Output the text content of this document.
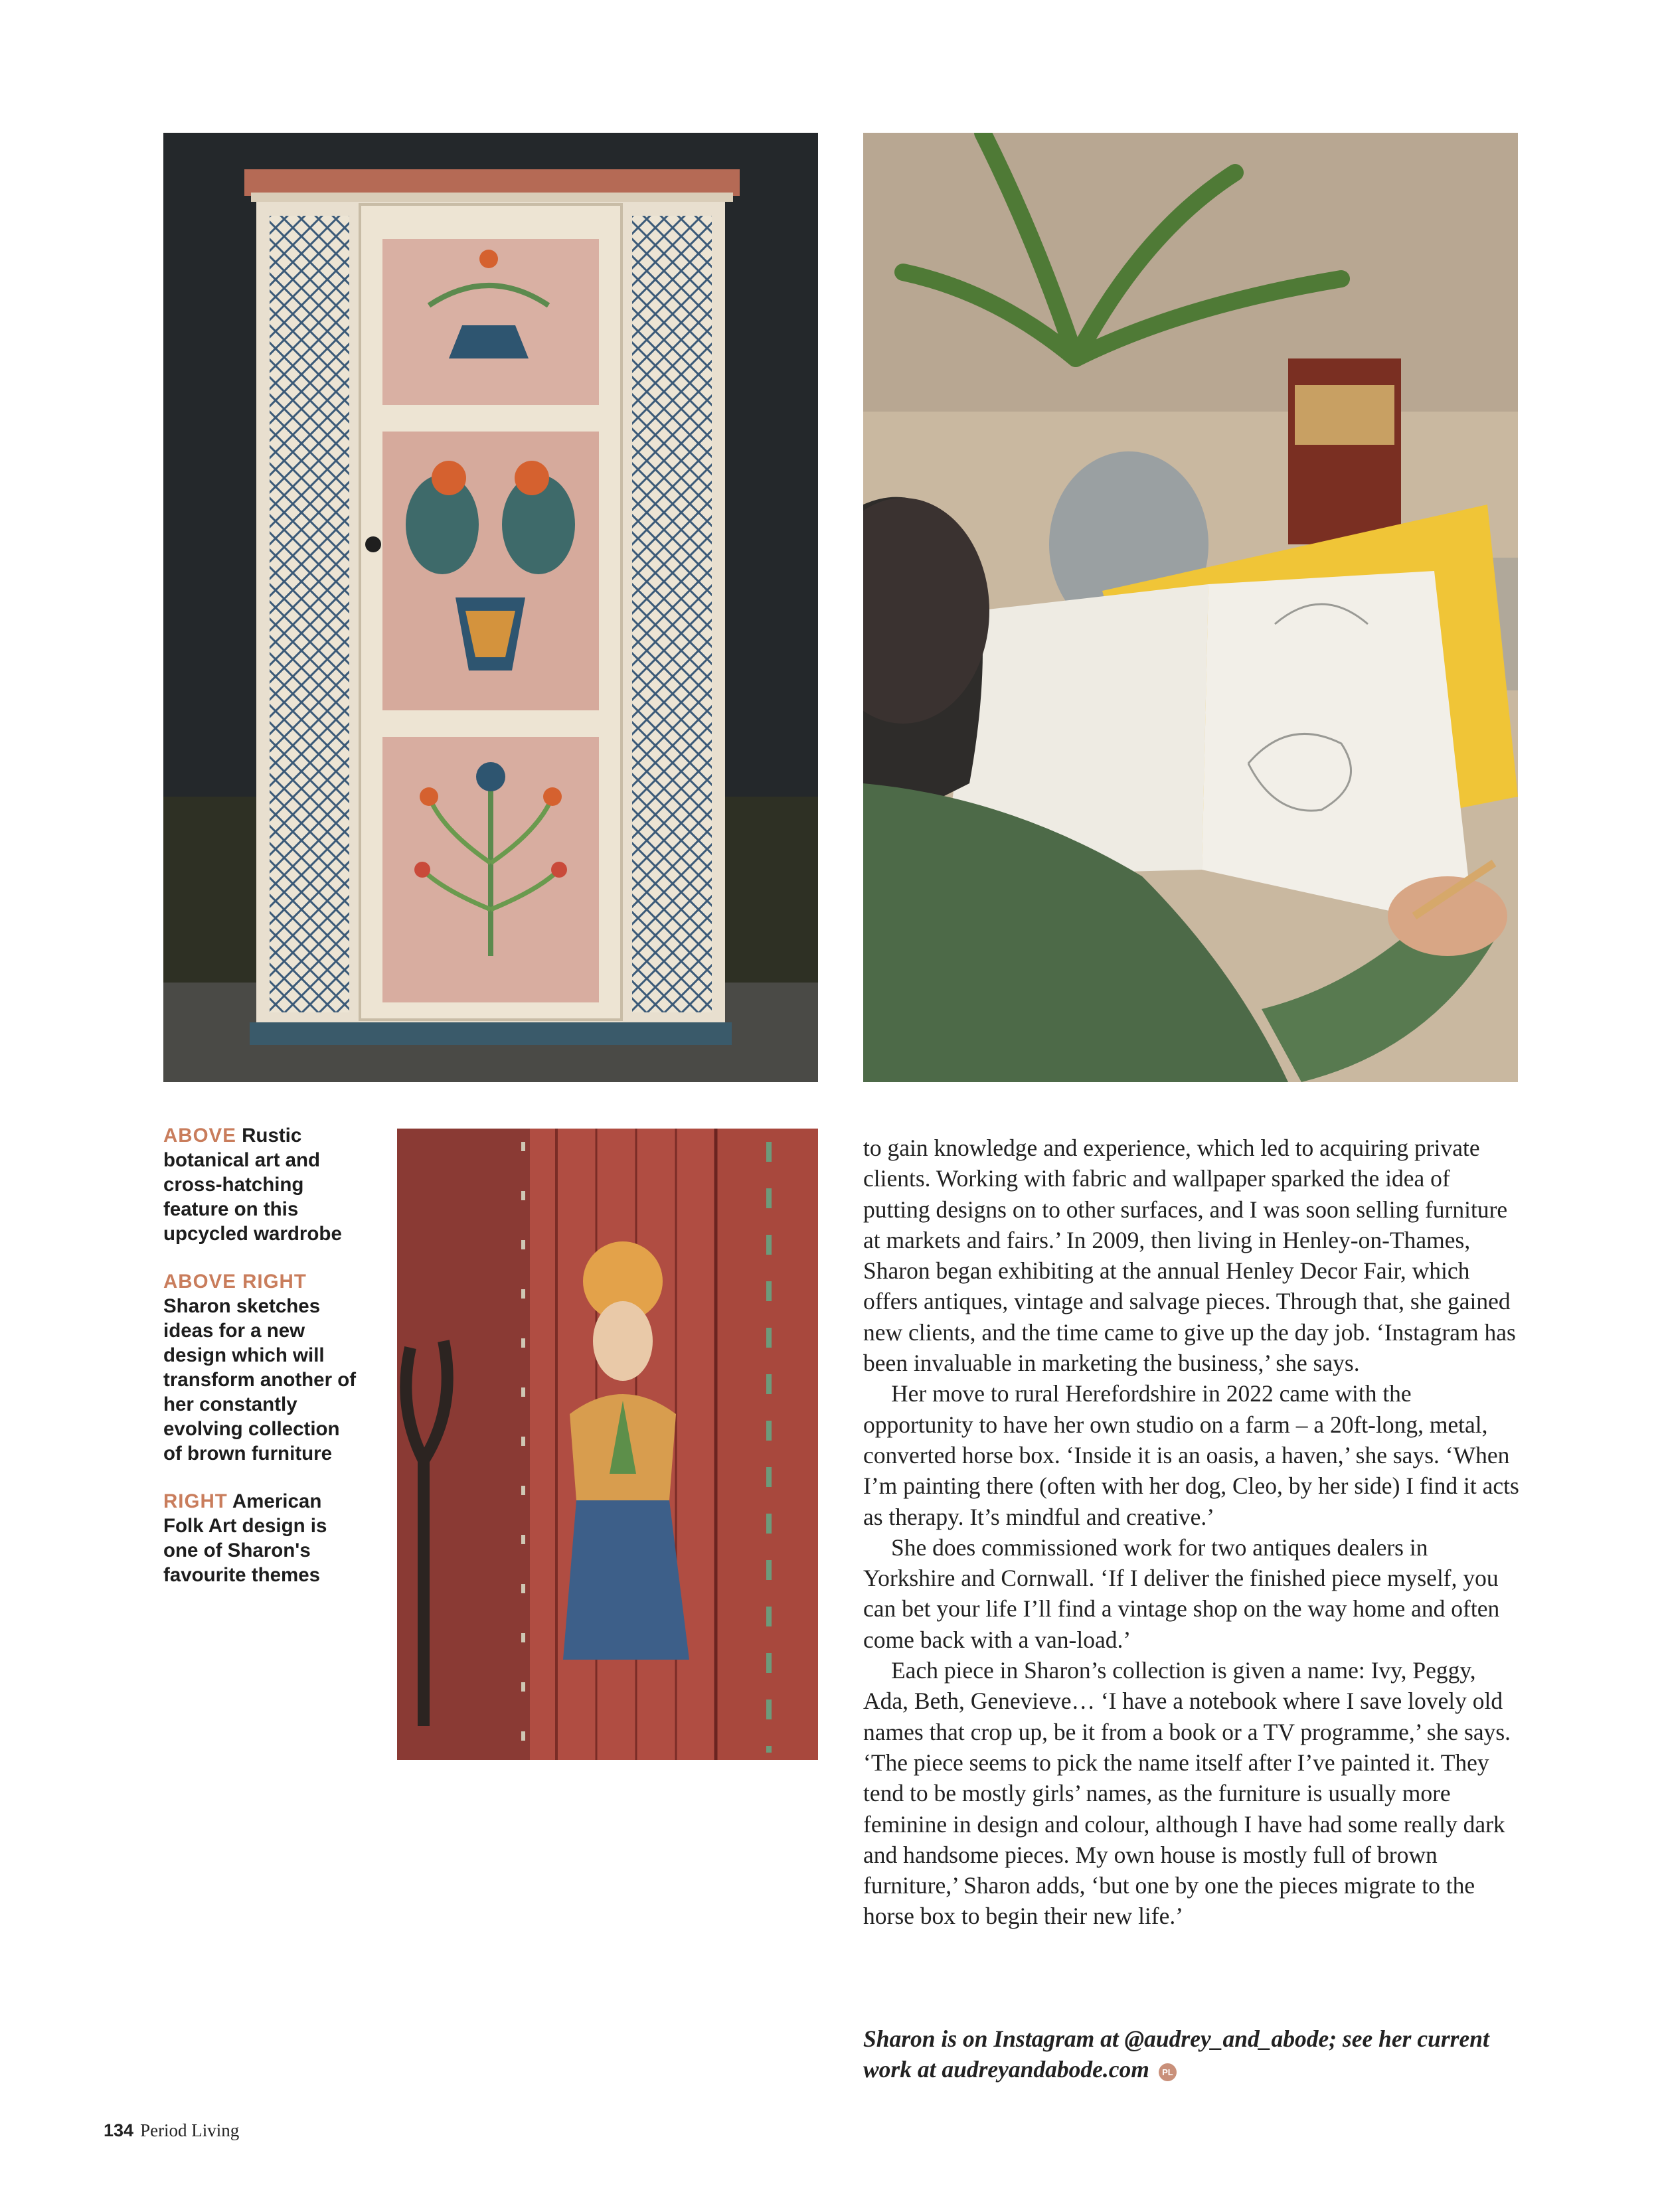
ABOVE Rustic botanical art and cross-hatching feature on this upcycled wardrobe

ABOVE RIGHT
Sharon sketches ideas for a new design which will transform another of her constantly evolving collection of brown furniture

RIGHT American Folk Art design is one of Sharon's favourite themes

to gain knowledge and experience, which led to acquiring private clients. Working with fabric and wallpaper sparked the idea of putting designs on to other surfaces, and I was soon selling furniture at markets and fairs.’ In 2009, then living in Henley-on-Thames, Sharon began exhibiting at the annual Henley Decor Fair, which offers antiques, vintage and salvage pieces. Through that, she gained new clients, and the time came to give up the day job. ‘Instagram has been invaluable in marketing the business,’ she says.

Her move to rural Herefordshire in 2022 came with the opportunity to have her own studio on a farm – a 20ft-long, metal, converted horse box. ‘Inside it is an oasis, a haven,’ she says. ‘When I’m painting there (often with her dog, Cleo, by her side) I find it acts as therapy. It’s mindful and creative.’

She does commissioned work for two antiques dealers in Yorkshire and Cornwall. ‘If I deliver the finished piece myself, you can bet your life I’ll find a vintage shop on the way home and often come back with a van-load.’

Each piece in Sharon’s collection is given a name: Ivy, Peggy, Ada, Beth, Genevieve… ‘I have a notebook where I save lovely old names that crop up, be it from a book or a TV programme,’ she says. ‘The piece seems to pick the name itself after I’ve painted it. They tend to be mostly girls’ names, as the furniture is usually more feminine in design and colour, although I have had some really dark and handsome pieces. My own house is mostly full of brown furniture,’ Sharon adds, ‘but one by one the pieces migrate to the horse box to begin their new life.’

Sharon is on Instagram at @audrey_and_abode; see her current work at audreyandabode.com PL
134 Period Living
